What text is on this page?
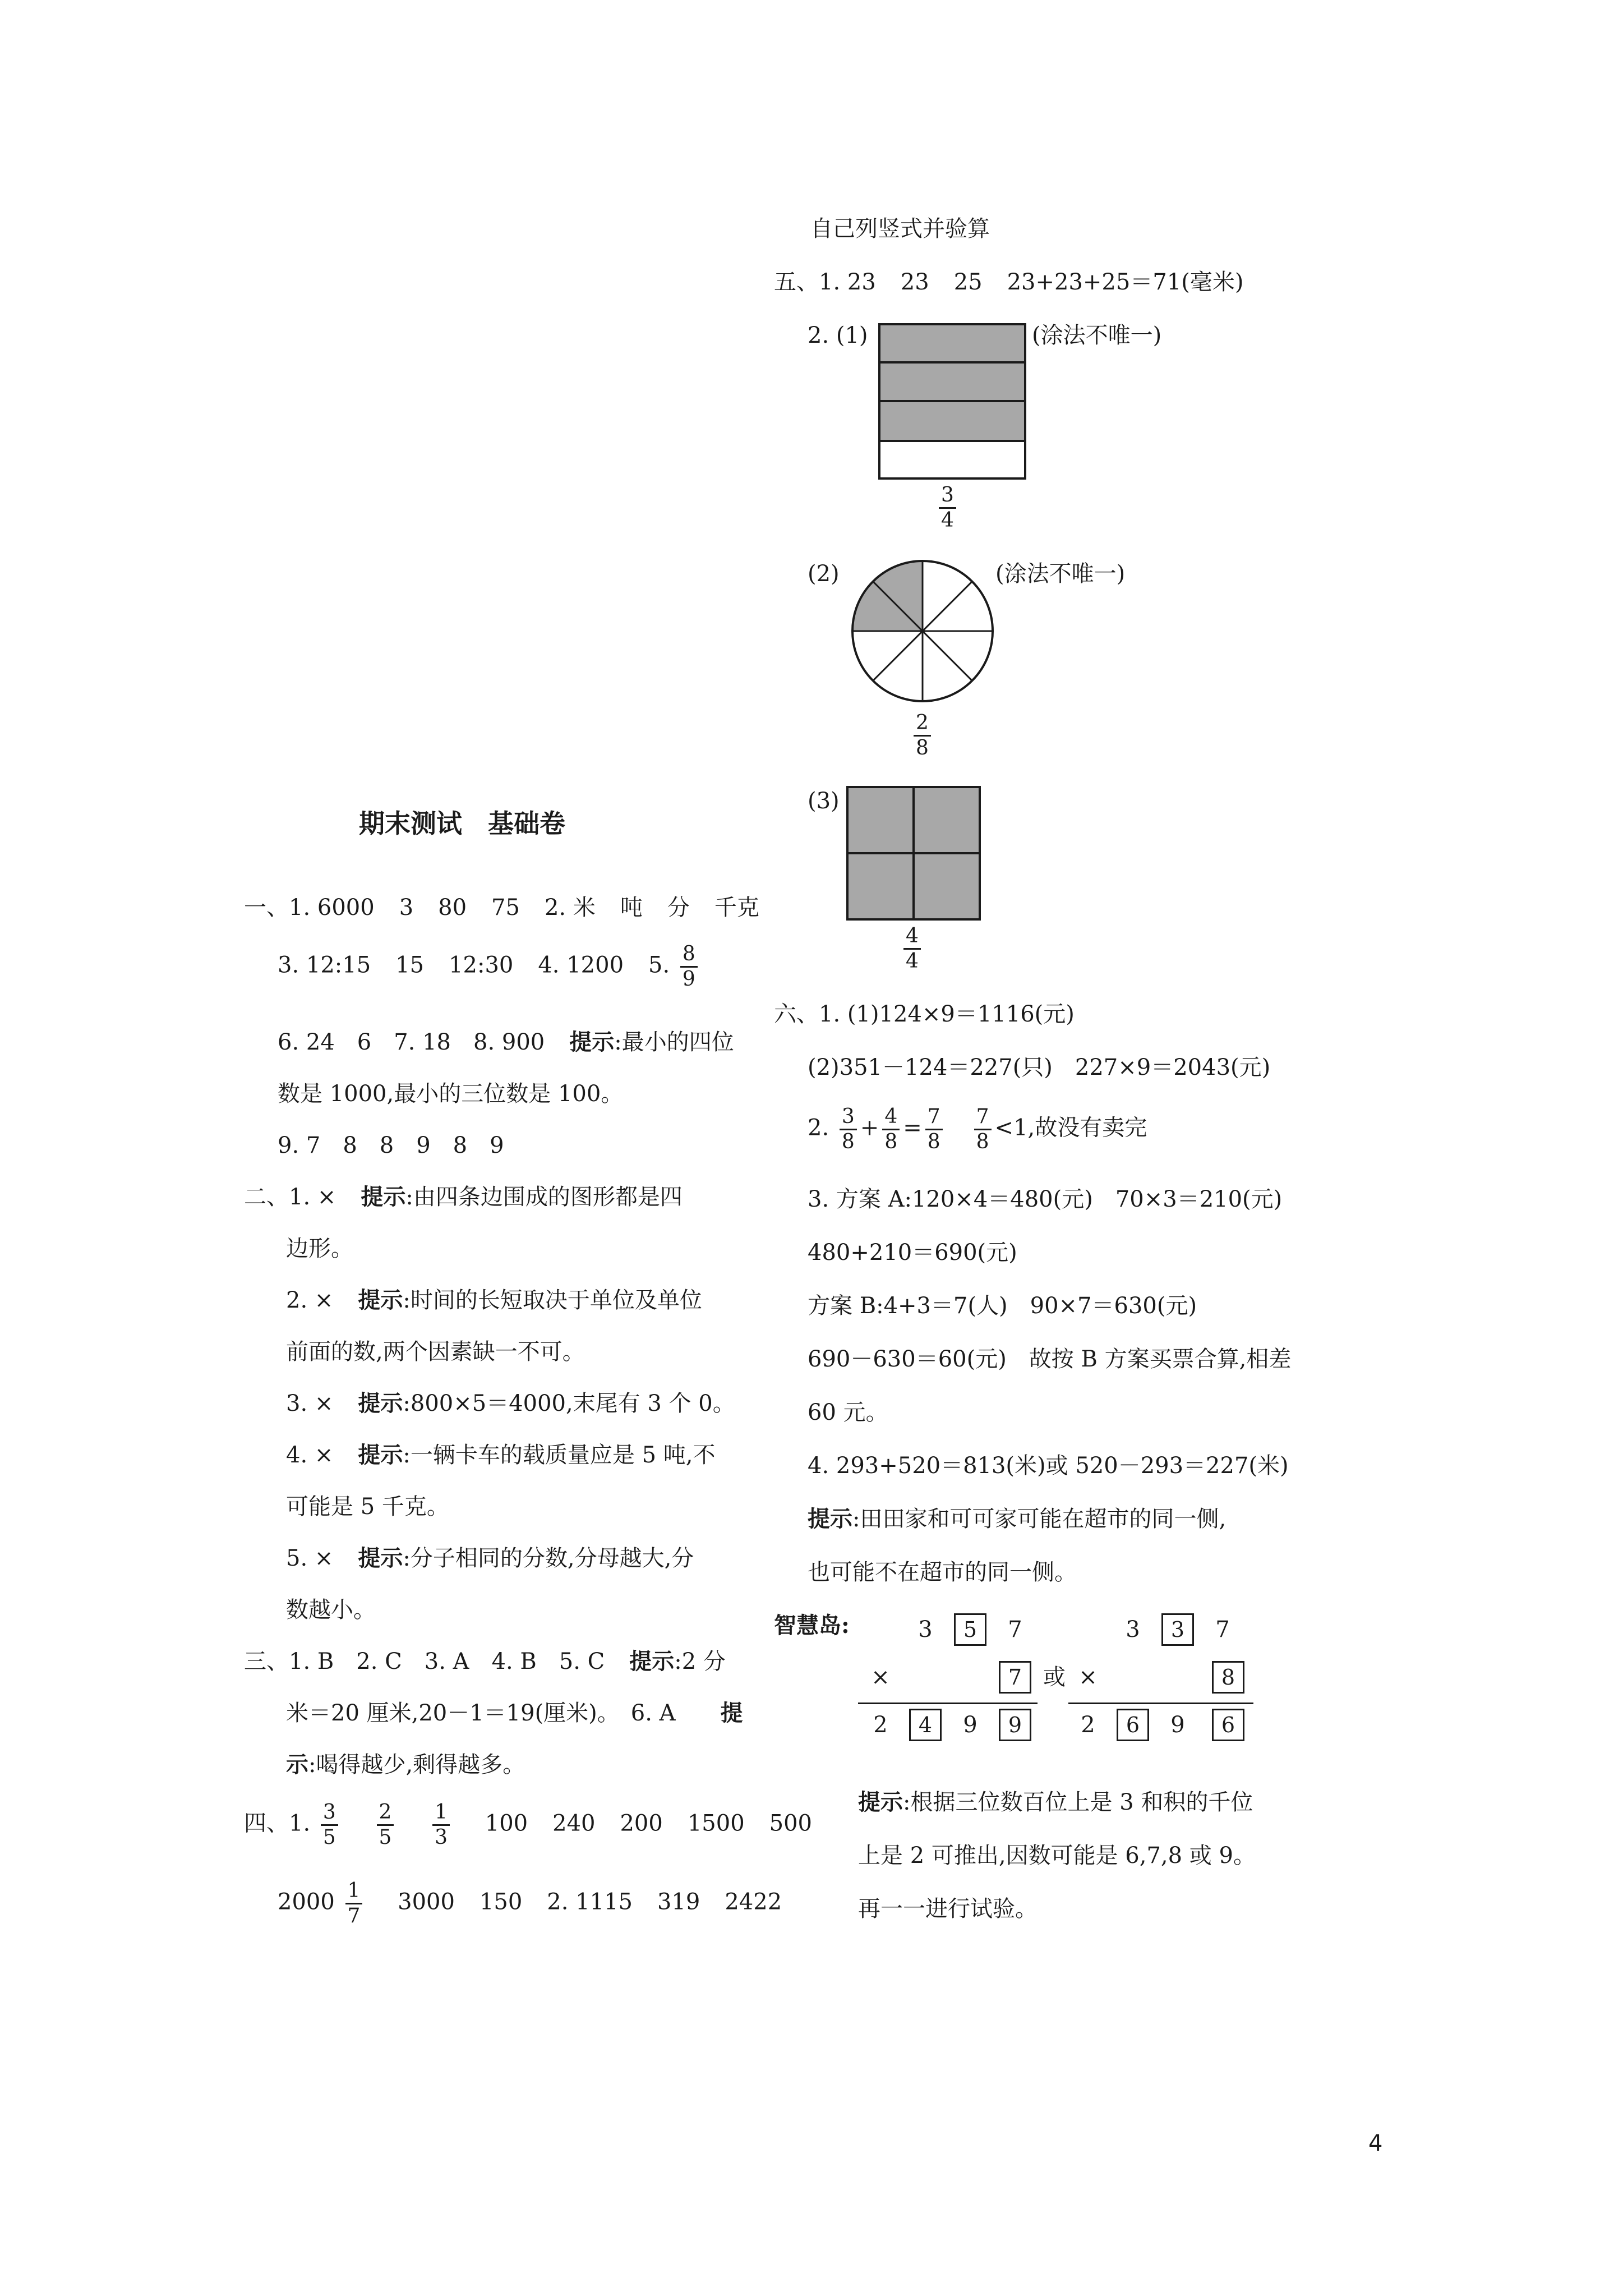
4
期末测试　基础卷
一、1. 6000 3 80 75 2. 米 吨 分 千克
3. 12:15 15 12:30 4. 1200 5. $\frac{8}{9}$
6. 24　6　7. 18　8. 900 提示:最小的四位
数是 1000,最小的三位数是 100。
9. 7　8　8　9　8　9
二、1. × 提示:由四条边围成的图形都是四
边形。
2. × 提示:时间的长短取决于单位及单位
前面的数,两个因素缺一不可。
3. × 提示:800×5＝4000,末尾有 3 个 0。
4. × 提示:一辆卡车的载质量应是 5 吨,不
可能是 5 千克。
5. × 提示:分子相同的分数,分母越大,分
数越小。
三、1. B　2. C　3. A　4. B　5. C 提示:2 分
米＝20 厘米,20－1＝19(厘米)。　6. A 提
示:喝得越少,剩得越多。
四、1. $\frac{3}{5}$
$\frac{2}{5}$
$\frac{1}{3} 100$ 240 200 1500 500
$2000 \frac{1}{7} 3000$ 150 2. 1115 319 2422
自己列竖式并验算
五、1. 23 23 25 23+23+25＝71(毫米)
2. (1)	(涂法不唯一)
$\frac{3}{4}$
(2)	(涂法不唯一)
$\frac{2}{8}$
(3)
$\frac{4}{4}$
六、1. (1)124×9＝1116(元)
(2)351－124＝227(只)　227×9＝2043(元)
2. $\frac{3}{8} + \frac{4}{8} = \frac{7}{8} \frac{7}{8} <1$,故没有卖完
3. 方案 A:120×4＝480(元)　70×3＝210(元)
480+210＝690(元)
方案 B:4+3＝7(人)　90×7＝630(元)
690－630＝60(元)　故按 B 方案买票合算,相差
60 元。
4. 293+520＝813(米)或 520－293＝227(米)
提示:田田家和可可家可能在超市的同一侧,
也可能不在超市的同一侧。
智慧岛:	3	5	7
×	7
2	4	9	9
或
3	3	7
×	8
2	6	9	6
提示:根据三位数百位上是 3 和积的千位
上是 2 可推出,因数可能是 6,7,8 或 9。
再一一进行试验。
